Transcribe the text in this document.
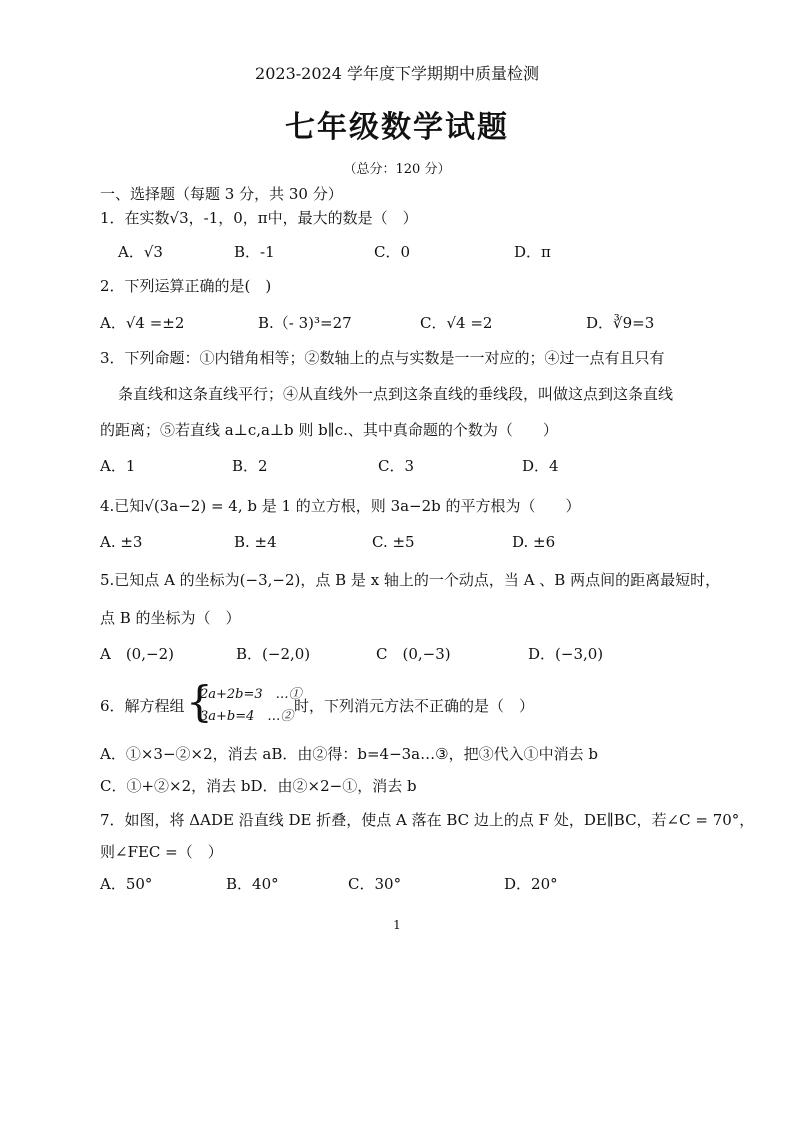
2023-2024 学年度下学期期中质量检测
七年级数学试题
（总分：120 分）
一、选择题（每题 3 分，共 30 分）
1．在实数√3，-1，0，π中，最大的数是（　）
A．√3	B．-1	C．0	D．π
2．下列运算正确的是(　)
A．√4 =±2	B.（- 3)³=27	C．√4 =2	D．∛9=3
3．下列命题：①内错角相等；②数轴上的点与实数是一一对应的；④过一点有且只有
条直线和这条直线平行；④从直线外一点到这条直线的垂线段，叫做这点到这条直线
的距离；⑤若直线 a⊥c,a⊥b 则 b∥c.、其中真命题的个数为（　　）
A．1	B．2	C．3	D．4
4.已知√(3a−2) = 4, b 是 1 的立方根，则 3a−2b 的平方根为（　　）
A. ±3	B. ±4	C. ±5	D. ±6
5.已知点 A 的坐标为(−3,−2)，点 B 是 x 轴上的一个动点，当 A 、B 两点间的距离最短时，
点 B 的坐标为（　）
A　(0,−2)	B．(−2,0)	C　(0,−3)	D．(−3,0)
6．解方程组 {
2a+2b=3　…①
3a+b=4　…②
时，下列消元方法不正确的是（　）
A．①×3−②×2，消去 aB．由②得：b=4−3a…③，把③代入①中消去 b
C．①+②×2，消去 bD．由②×2−①，消去 b
7．如图，将 ΔADE 沿直线 DE 折叠，使点 A 落在 BC 边上的点 F 处，DE∥BC，若∠C = 70°，
则∠FEC =（　）
A．50°	B．40°	C．30°	D．20°
1
